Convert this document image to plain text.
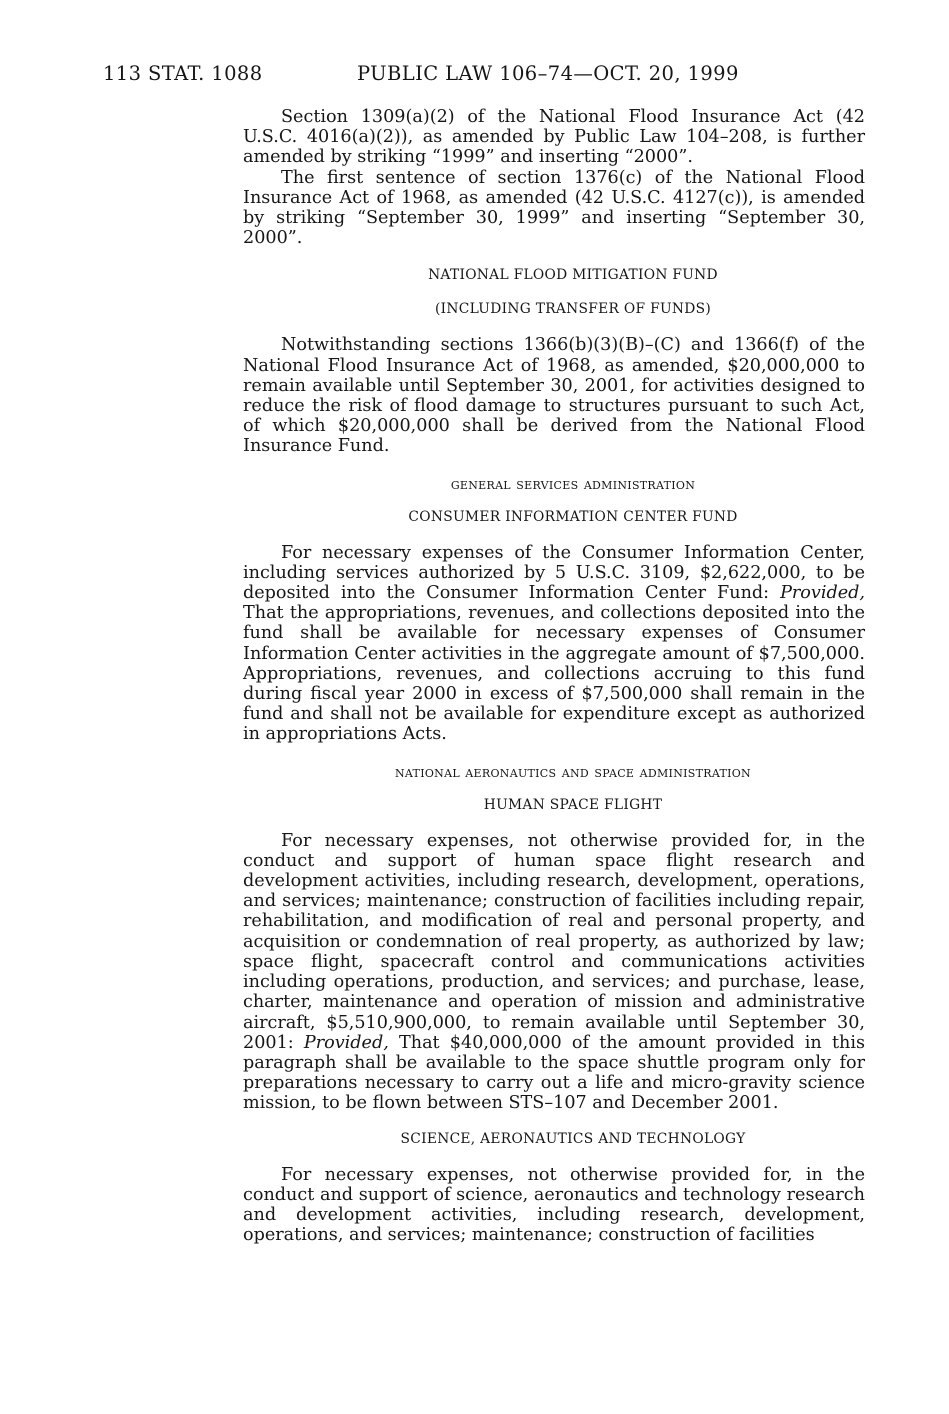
113 STAT. 1088	PUBLIC LAW 106–74—OCT. 20, 1999

Section 1309(a)(2) of the National Flood Insurance Act (42 U.S.C. 4016(a)(2)), as amended by Public Law 104–208, is further amended by striking “1999” and inserting “2000”.

The first sentence of section 1376(c) of the National Flood Insurance Act of 1968, as amended (42 U.S.C. 4127(c)), is amended by striking “September 30, 1999” and inserting “September 30, 2000”.

NATIONAL FLOOD MITIGATION FUND

(INCLUDING TRANSFER OF FUNDS)

Notwithstanding sections 1366(b)(3)(B)–(C) and 1366(f) of the National Flood Insurance Act of 1968, as amended, $20,000,000 to remain available until September 30, 2001, for activities designed to reduce the risk of flood damage to structures pursuant to such Act, of which $20,000,000 shall be derived from the National Flood Insurance Fund.

general services administration

CONSUMER INFORMATION CENTER FUND

For necessary expenses of the Consumer Information Center, including services authorized by 5 U.S.C. 3109, $2,622,000, to be deposited into the Consumer Information Center Fund: Provided, That the appropriations, revenues, and collections deposited into the fund shall be available for necessary expenses of Consumer Information Center activities in the aggregate amount of $7,500,000. Appropriations, revenues, and collections accruing to this fund during fiscal year 2000 in excess of $7,500,000 shall remain in the fund and shall not be available for expenditure except as authorized in appropriations Acts.

national aeronautics and space administration

HUMAN SPACE FLIGHT

For necessary expenses, not otherwise provided for, in the conduct and support of human space flight research and development activities, including research, development, operations, and services; maintenance; construction of facilities including repair, rehabilitation, and modification of real and personal property, and acquisition or condemnation of real property, as authorized by law; space flight, spacecraft control and communications activities including operations, production, and services; and purchase, lease, charter, maintenance and operation of mission and administrative aircraft, $5,510,900,000, to remain available until September 30, 2001: Provided, That $40,000,000 of the amount provided in this paragraph shall be available to the space shuttle program only for preparations necessary to carry out a life and micro-gravity science mission, to be flown between STS–107 and December 2001.

SCIENCE, AERONAUTICS AND TECHNOLOGY

For necessary expenses, not otherwise provided for, in the conduct and support of science, aeronautics and technology research and development activities, including research, development, operations, and services; maintenance; construction of facilities
